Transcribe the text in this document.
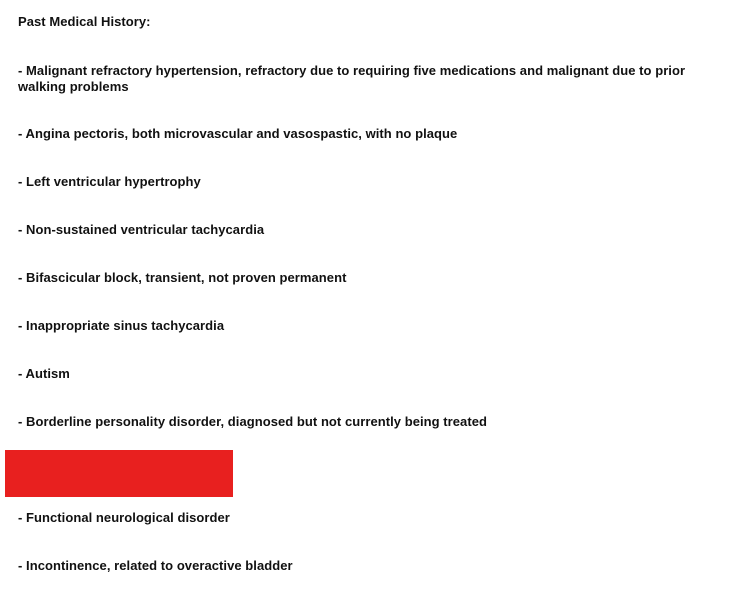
Past Medical History:
- Malignant refractory hypertension, refractory due to requiring five medications and malignant due to prior walking problems
- Angina pectoris, both microvascular and vasospastic, with no plaque
- Left ventricular hypertrophy
- Non-sustained ventricular tachycardia
- Bifascicular block, transient, not proven permanent
- Inappropriate sinus tachycardia
- Autism
- Borderline personality disorder, diagnosed but not currently being treated
- Functional neurological disorder
- Incontinence, related to overactive bladder
